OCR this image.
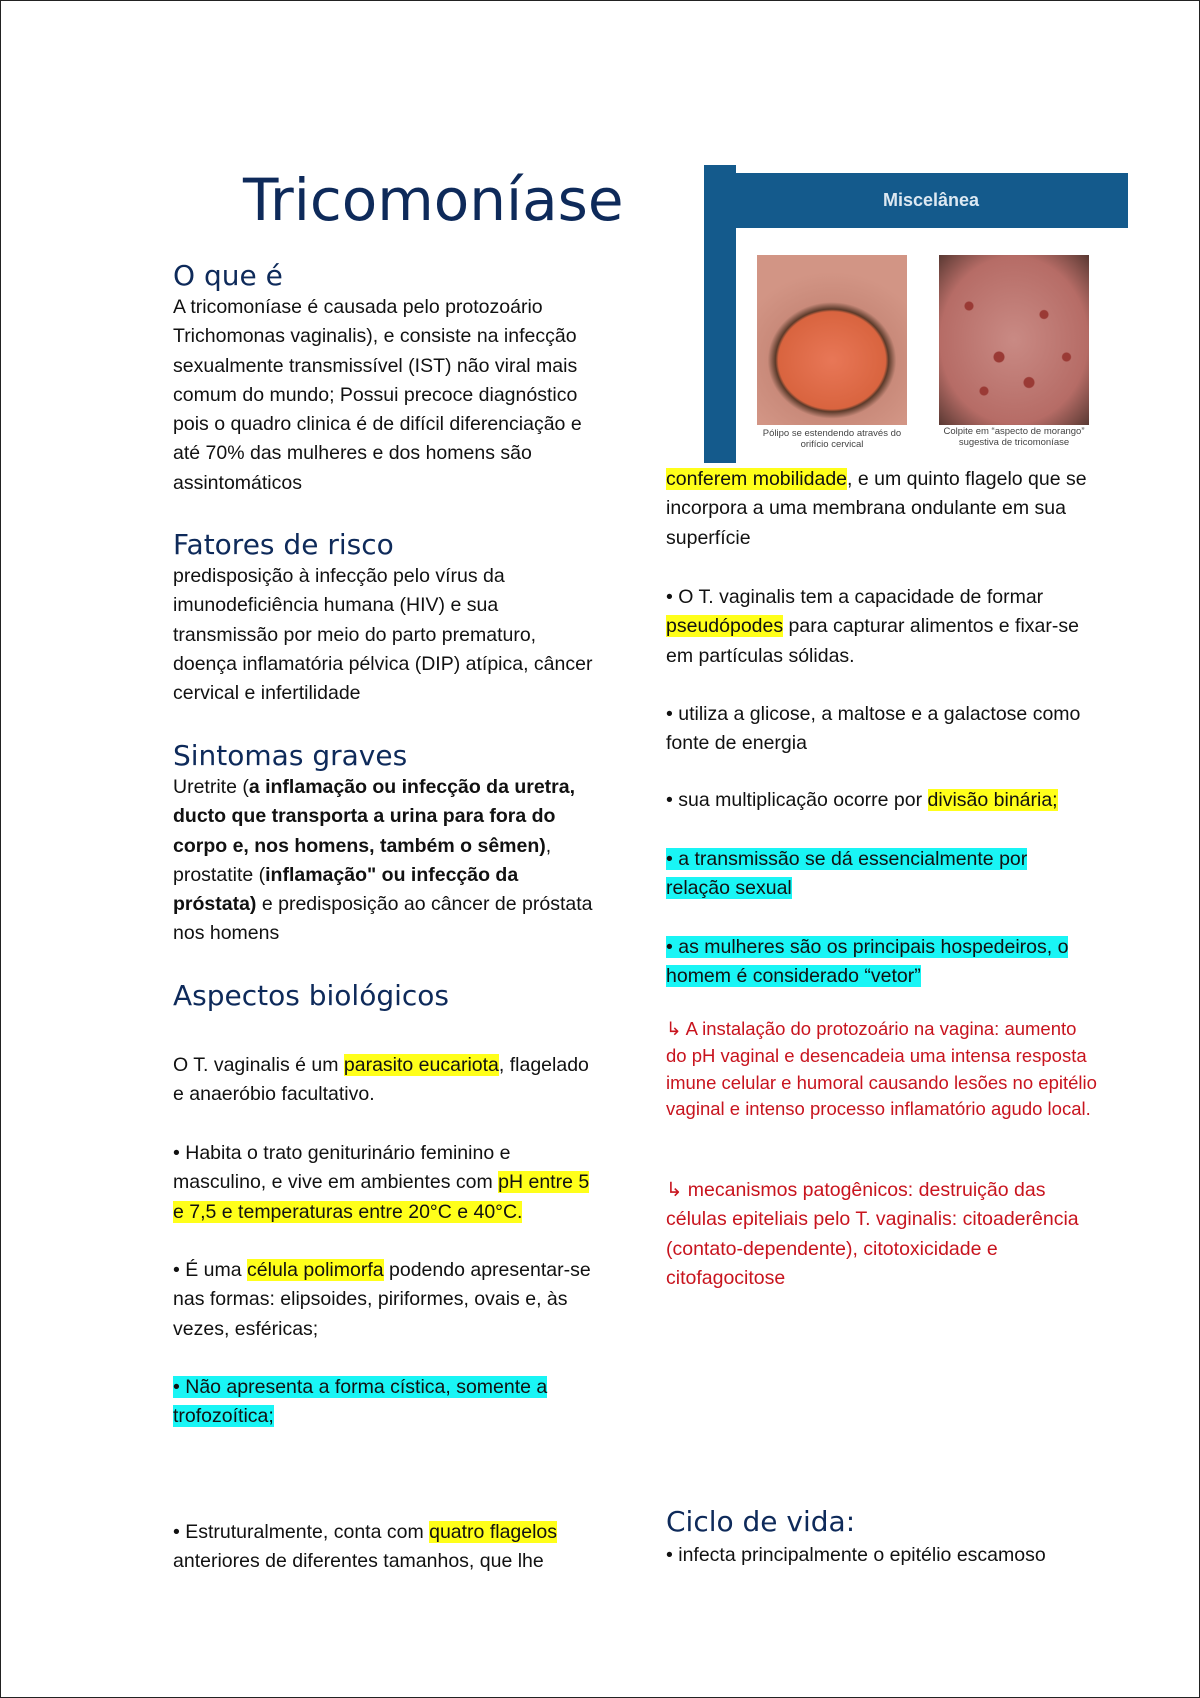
Tricomoníase
O que é

A tricomoníase é causada pelo protozoário Trichomonas vaginalis), e consiste na infecção sexualmente transmissível (IST) não viral mais comum do mundo; Possui precoce diagnóstico pois o quadro clinica é de difícil diferenciação e até 70% das mulheres e dos homens são assintomáticos

Fatores de risco

predisposição à infecção pelo vírus da imunodeficiência humana (HIV) e sua transmissão por meio do parto prematuro, doença inflamatória pélvica (DIP) atípica, câncer cervical e infertilidade

Sintomas graves

Uretrite (a inflamação ou infecção da uretra, ducto que transporta a urina para fora do corpo e, nos homens, também o sêmen), prostatite (inflamação" ou infecção da próstata) e predisposição ao câncer de próstata nos homens

Aspectos biológicos

O T. vaginalis é um parasito eucariota, flagelado e anaeróbio facultativo.

• Habita o trato geniturinário feminino e masculino, e vive em ambientes com pH entre 5 e 7,5 e temperaturas entre 20°C e 40°C.

• É uma célula polimorfa podendo apresentar-se nas formas: elipsoides, piriformes, ovais e, às vezes, esféricas;

• Não apresenta a forma cística, somente a trofozoítica;

• Estruturalmente, conta com quatro flagelos anteriores de diferentes tamanhos, que lhe

Miscelânea
Pólipo se estendendo através do orifício cervical
Colpite em “aspecto de morango” sugestiva de tricomoníase

conferem mobilidade, e um quinto flagelo que se incorpora a uma membrana ondulante em sua superfície

• O T. vaginalis tem a capacidade de formar pseudópodes para capturar alimentos e fixar-se em partículas sólidas.

• utiliza a glicose, a maltose e a galactose como fonte de energia

• sua multiplicação ocorre por divisão binária;

• a transmissão se dá essencialmente por relação sexual

• as mulheres são os principais hospedeiros, o homem é considerado “vetor”

↳ A instalação do protozoário na vagina: aumento do pH vaginal e desencadeia uma intensa resposta imune celular e humoral causando lesões no epitélio vaginal e intenso processo inflamatório agudo local.

↳ mecanismos patogênicos: destruição das células epiteliais pelo T. vaginalis: citoaderência (contato-dependente), citotoxicidade e citofagocitose

Ciclo de vida:

• infecta principalmente o epitélio escamoso
